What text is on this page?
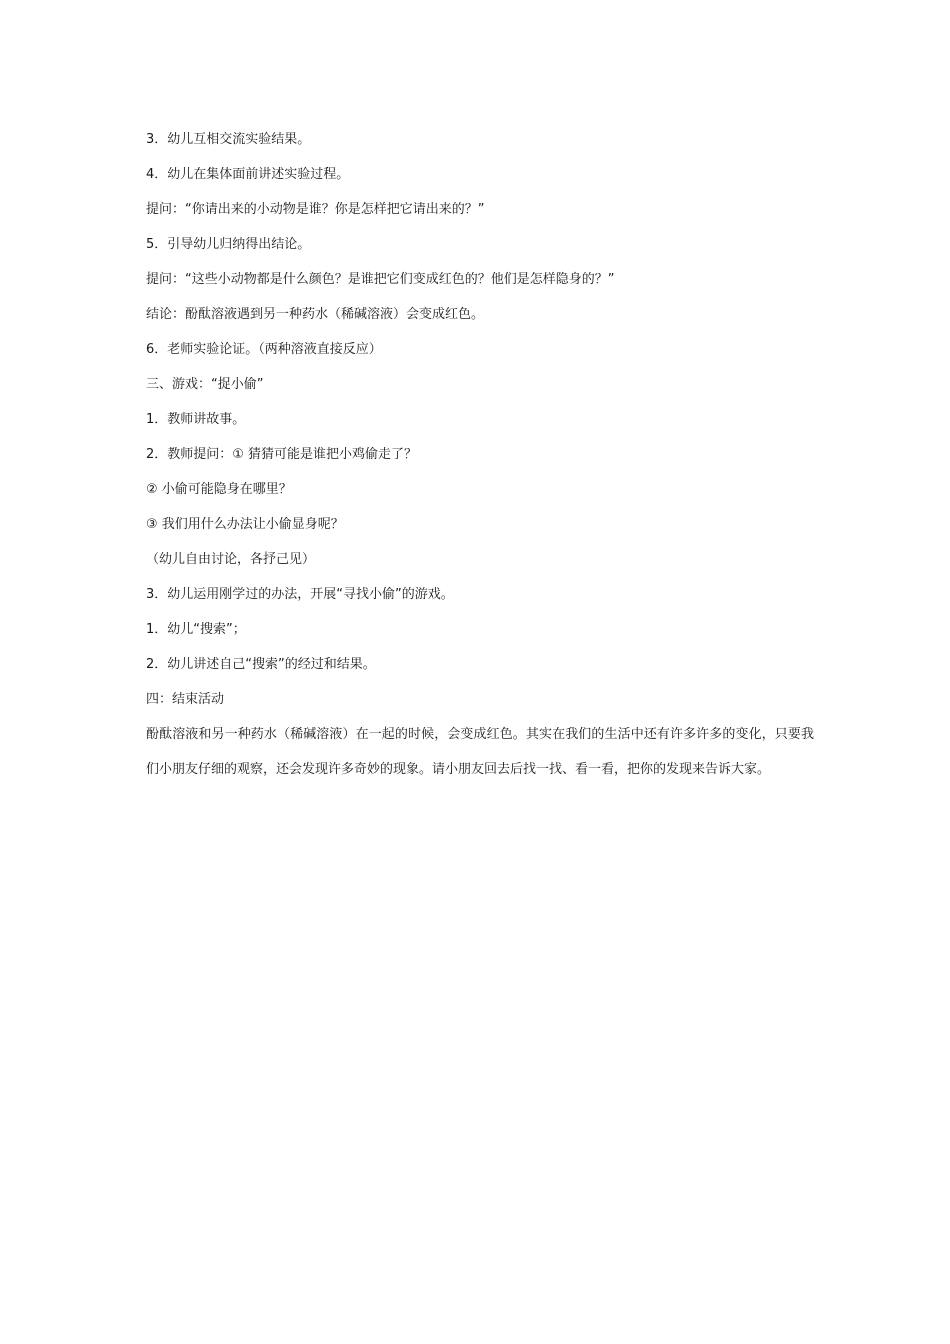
3．幼儿互相交流实验结果。
4．幼儿在集体面前讲述实验过程。
提问：“你请出来的小动物是谁？你是怎样把它请出来的？”
5．引导幼儿归纳得出结论。
提问：“这些小动物都是什么颜色？是谁把它们变成红色的？他们是怎样隐身的？”
结论：酚酞溶液遇到另一种药水（稀碱溶液）会变成红色。
6．老师实验论证。（两种溶液直接反应）
三、游戏：“捉小偷”
1．教师讲故事。
2．教师提问：① 猜猜可能是谁把小鸡偷走了？
② 小偷可能隐身在哪里？
③ 我们用什么办法让小偷显身呢？
（幼儿自由讨论，各抒己见）
3．幼儿运用刚学过的办法，开展“寻找小偷”的游戏。
1．幼儿“搜索”；
2．幼儿讲述自己“搜索”的经过和结果。
四：结束活动
酚酞溶液和另一种药水（稀碱溶液）在一起的时候，会变成红色。其实在我们的生活中还有许多许多的变化，只要我们小朋友仔细的观察，还会发现许多奇妙的现象。请小朋友回去后找一找、看一看，把你的发现来告诉大家。
